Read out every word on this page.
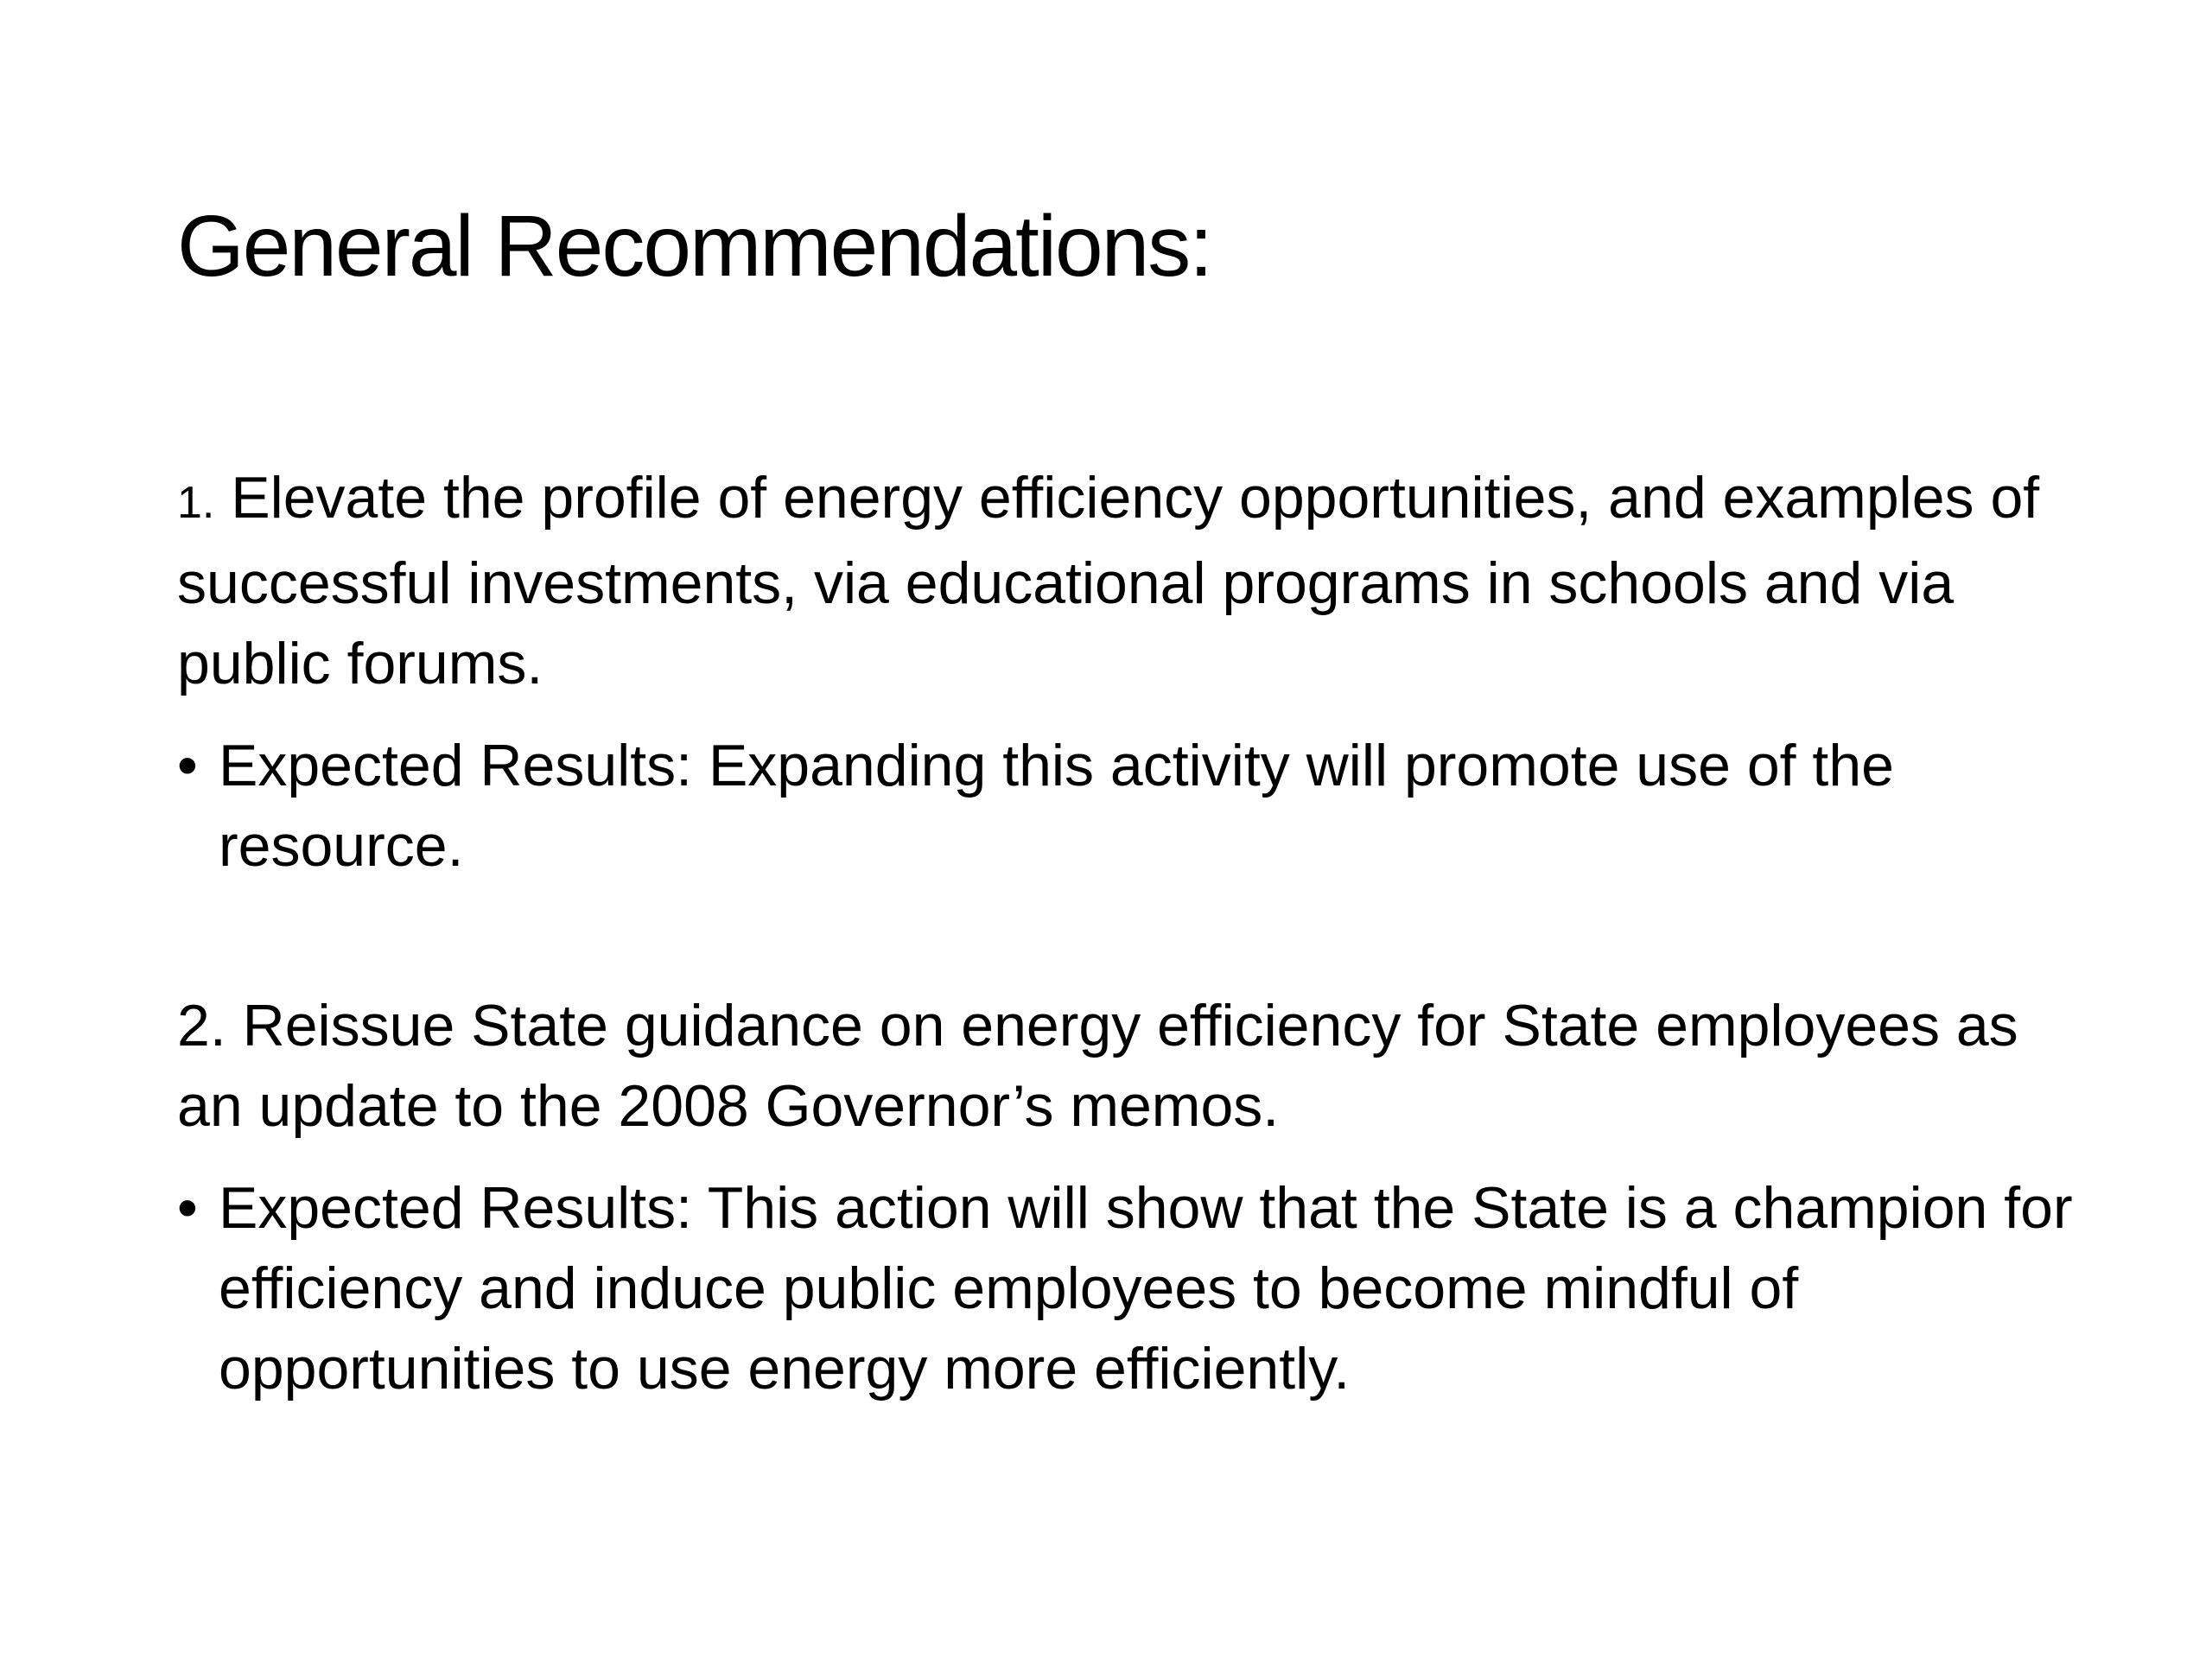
General Recommendations:

1. Elevate the profile of energy efficiency opportunities, and examples of successful investments, via educational programs in schools and via public forums.

• Expected Results: Expanding this activity will promote use of the resource.

2. Reissue State guidance on energy efficiency for State employees as an update to the 2008 Governor’s memos.

• Expected Results: This action will show that the State is a champion for efficiency and induce public employees to become mindful of opportunities to use energy more efficiently.
